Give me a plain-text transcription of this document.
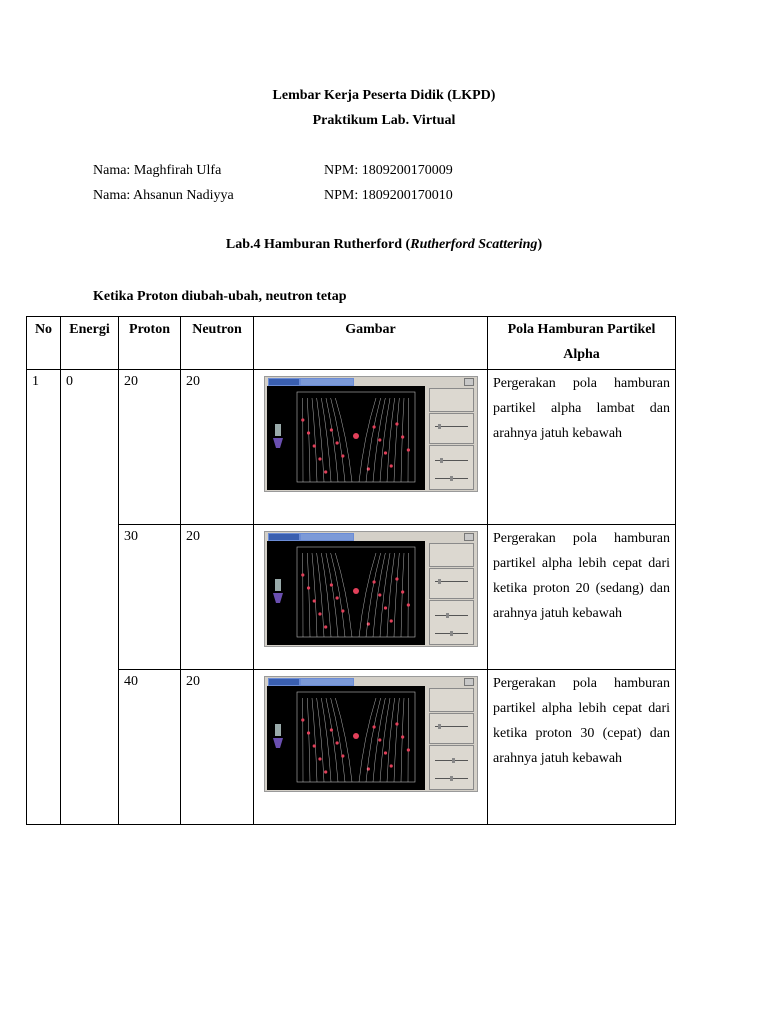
Lembar Kerja Peserta Didik (LKPD)
Praktikum Lab. Virtual
Nama: Maghfirah Ulfa	NPM: 1809200170009
Nama: Ahsanun Nadiyya	NPM: 1809200170010
Lab.4 Hamburan Rutherford (Rutherford Scattering)
Ketika Proton diubah-ubah, neutron tetap
No	Energi	Proton	Neutron	Gambar	Pola Hamburan Partikel Alpha
1	0	20	20		Pergerakan pola hamburan partikel alpha lambat dan arahnya jatuh kebawah
		30	20		Pergerakan pola hamburan partikel alpha lebih cepat dari ketika proton 20 (sedang) dan arahnya jatuh kebawah
		40	20		Pergerakan pola hamburan partikel alpha lebih cepat dari ketika proton 30 (cepat) dan arahnya jatuh kebawah
